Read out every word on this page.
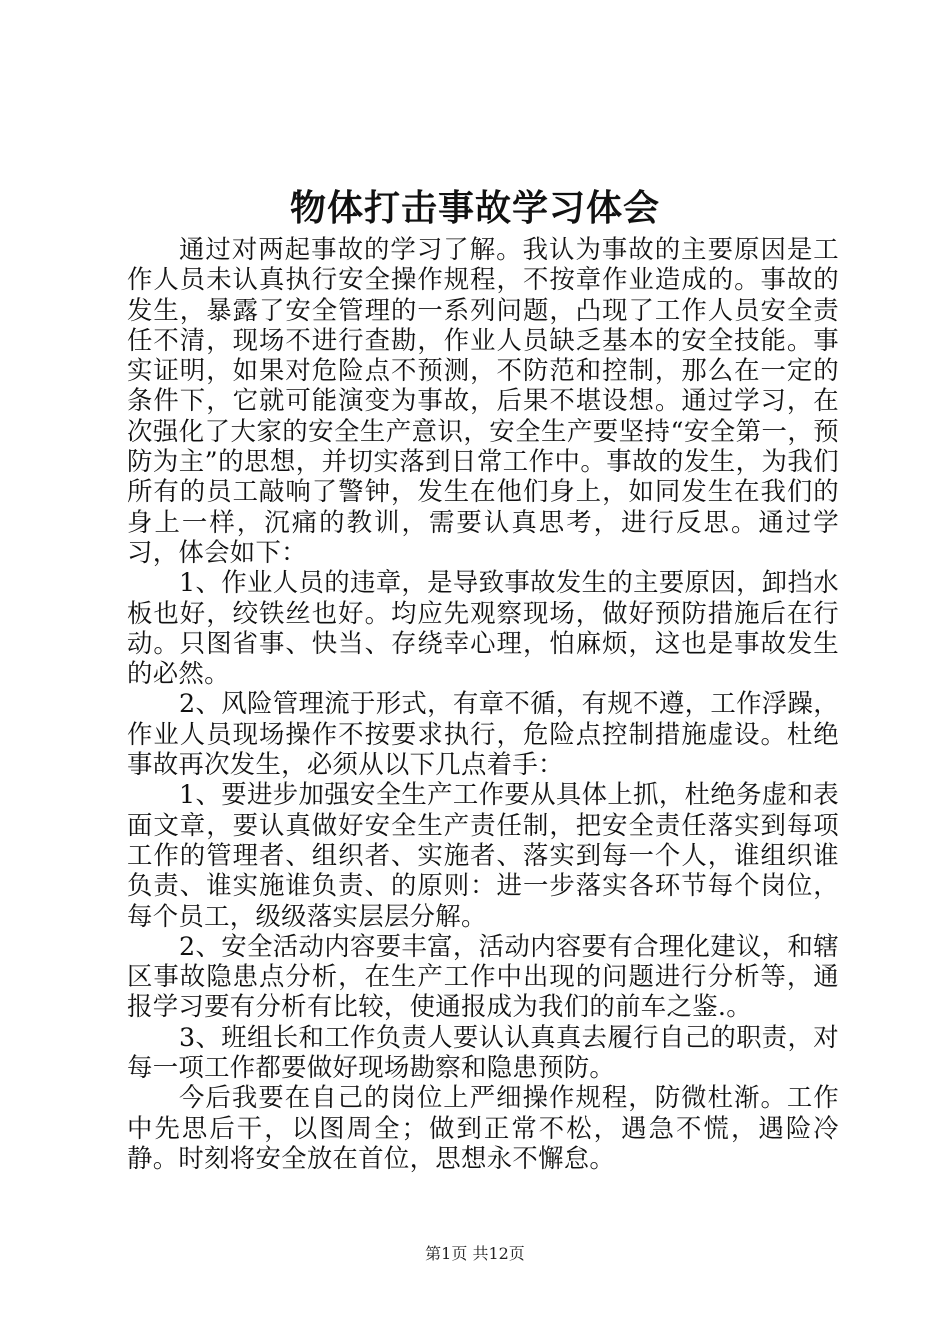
物体打击事故学习体会

通过对两起事故的学习了解。我认为事故的主要原因是工作人员未认真执行安全操作规程，不按章作业造成的。事故的发生，暴露了安全管理的一系列问题，凸现了工作人员安全责任不清，现场不进行查勘，作业人员缺乏基本的安全技能。事实证明，如果对危险点不预测，不防范和控制，那么在一定的条件下，它就可能演变为事故，后果不堪设想。通过学习，在次强化了大家的安全生产意识，安全生产要坚持“安全第一，预防为主”的思想，并切实落到日常工作中。事故的发生，为我们所有的员工敲响了警钟，发生在他们身上，如同发生在我们的身上一样，沉痛的教训，需要认真思考，进行反思。通过学习，体会如下：

1、作业人员的违章，是导致事故发生的主要原因，卸挡水板也好，绞铁丝也好。均应先观察现场，做好预防措施后在行动。只图省事、快当、存绕幸心理，怕麻烦，这也是事故发生的必然。

2、风险管理流于形式，有章不循，有规不遵，工作浮躁，作业人员现场操作不按要求执行，危险点控制措施虚设。杜绝事故再次发生，必须从以下几点着手：

1、要进步加强安全生产工作要从具体上抓，杜绝务虚和表面文章，要认真做好安全生产责任制，把安全责任落实到每项工作的管理者、组织者、实施者、落实到每一个人，谁组织谁负责、谁实施谁负责、的原则：进一步落实各环节每个岗位，每个员工，级级落实层层分解。

2、安全活动内容要丰富，活动内容要有合理化建议，和辖区事故隐患点分析，在生产工作中出现的问题进行分析等，通报学习要有分析有比较，使通报成为我们的前车之鉴.。

3、班组长和工作负责人要认认真真去履行自己的职责，对每一项工作都要做好现场勘察和隐患预防。

今后我要在自己的岗位上严细操作规程，防微杜渐。工作中先思后干，以图周全；做到正常不松，遇急不慌，遇险冷静。时刻将安全放在首位，思想永不懈怠。

第1页 共12页
